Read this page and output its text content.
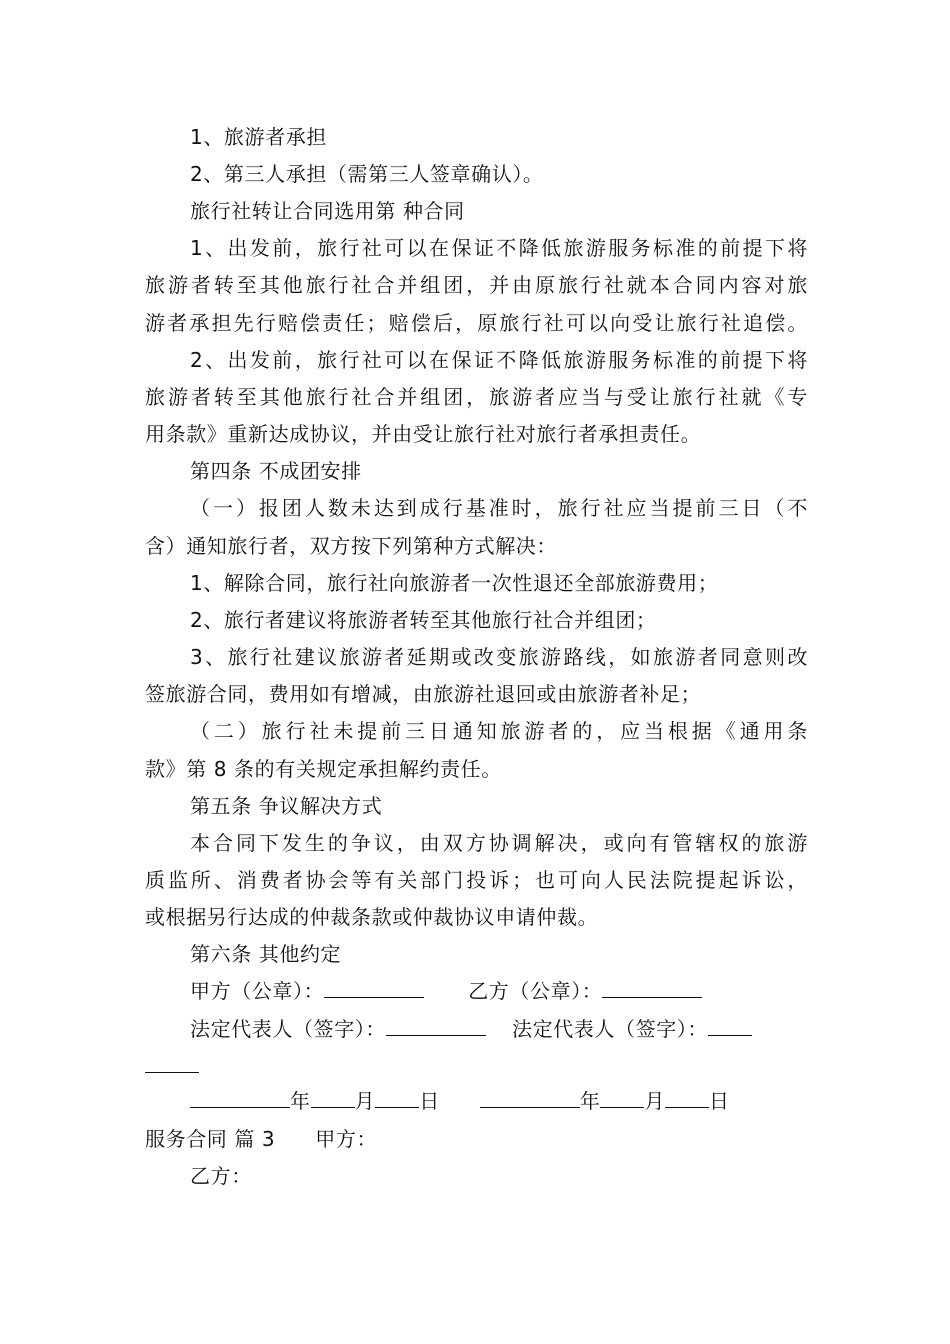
1、旅游者承担
2、第三人承担（需第三人签章确认）。
旅行社转让合同选用第 种合同
1、出发前，旅行社可以在保证不降低旅游服务标准的前提下将
旅游者转至其他旅行社合并组团，并由原旅行社就本合同内容对旅
游者承担先行赔偿责任；赔偿后，原旅行社可以向受让旅行社追偿。
2、出发前，旅行社可以在保证不降低旅游服务标准的前提下将
旅游者转至其他旅行社合并组团，旅游者应当与受让旅行社就《专
用条款》重新达成协议，并由受让旅行社对旅行者承担责任。
第四条 不成团安排
（一）报团人数未达到成行基准时，旅行社应当提前三日（不
含）通知旅行者，双方按下列第种方式解决：
1、解除合同，旅行社向旅游者一次性退还全部旅游费用；
2、旅行者建议将旅游者转至其他旅行社合并组团；
3、旅行社建议旅游者延期或改变旅游路线，如旅游者同意则改
签旅游合同，费用如有增减，由旅游社退回或由旅游者补足；
（二）旅行社未提前三日通知旅游者的，应当根据《通用条
款》第 8 条的有关规定承担解约责任。
第五条 争议解决方式
本合同下发生的争议，由双方协调解决，或向有管辖权的旅游
质监所、消费者协会等有关部门投诉；也可向人民法院提起诉讼，
或根据另行达成的仲裁条款或仲裁协议申请仲裁。
第六条 其他约定
甲方（公章）：	乙方（公章）：
法定代表人（签字）：	法定代表人（签字）：
年 月 日	年 月 日
服务合同 篇 3 甲方：
乙方：
